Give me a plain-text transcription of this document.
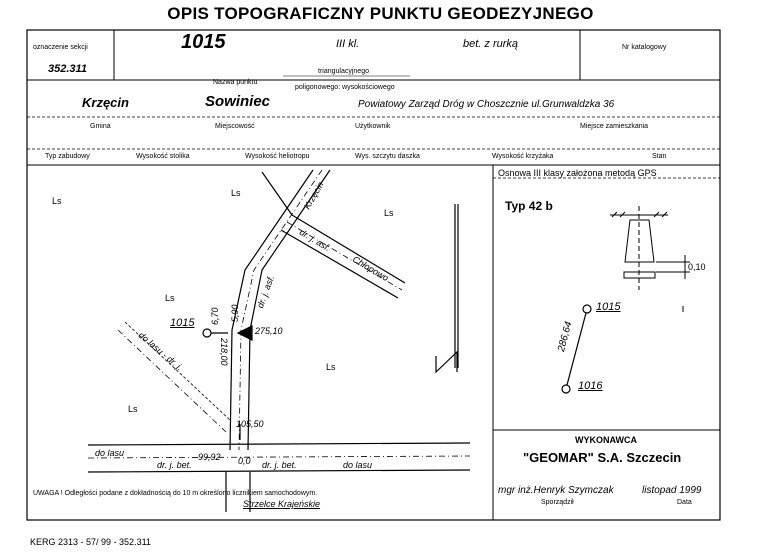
OPIS TOPOGRAFICZNY PUNKTU GEODEZYJNEGO
oznaczenie sekcji
352.311
1015	III kl.	bet. z rurką	Nr katalogowy
triangulacyjnego
Nazwa punktu
poligonowego: wysokościowego
Krzęcin	Sowiniec	Powiatowy Zarząd Dróg w Choszcznie ul.Grunwaldzka 36
Gmina	Miejscowość	Użytkownik	Miejsce zamieszkania
Typ zabudowy	Wysokość stolika	Wysokość heliotropu	Wys. szczytu daszka	Wysokość krzyżaka	Stan
Osnowa III klasy założona metodą GPS
Typ 42 b
0,10
1015
1016
286,64
Ls
Ls
Ls
Ls
Ls
Ls	Krzęcin
dr. j. asf.
Chłopowo
dr. j. asf.
1015 6,70 5,90
275,10
218,00
do lasu - dr. j.
105,50
do lasu
dr. j. bet.
99,92 0,0 dr. j. bet.	do lasu
Strzelce Krajeńskie
UWAGA ! Odległości podane z dokładnością do 10 m określono licznikiem samochodowym.
KERG 2313 - 57/ 99 - 352.311
WYKONAWCA
"GEOMAR" S.A. Szczecin
mgr inż.Henryk Szymczak	listopad 1999
Sporządził	Data
